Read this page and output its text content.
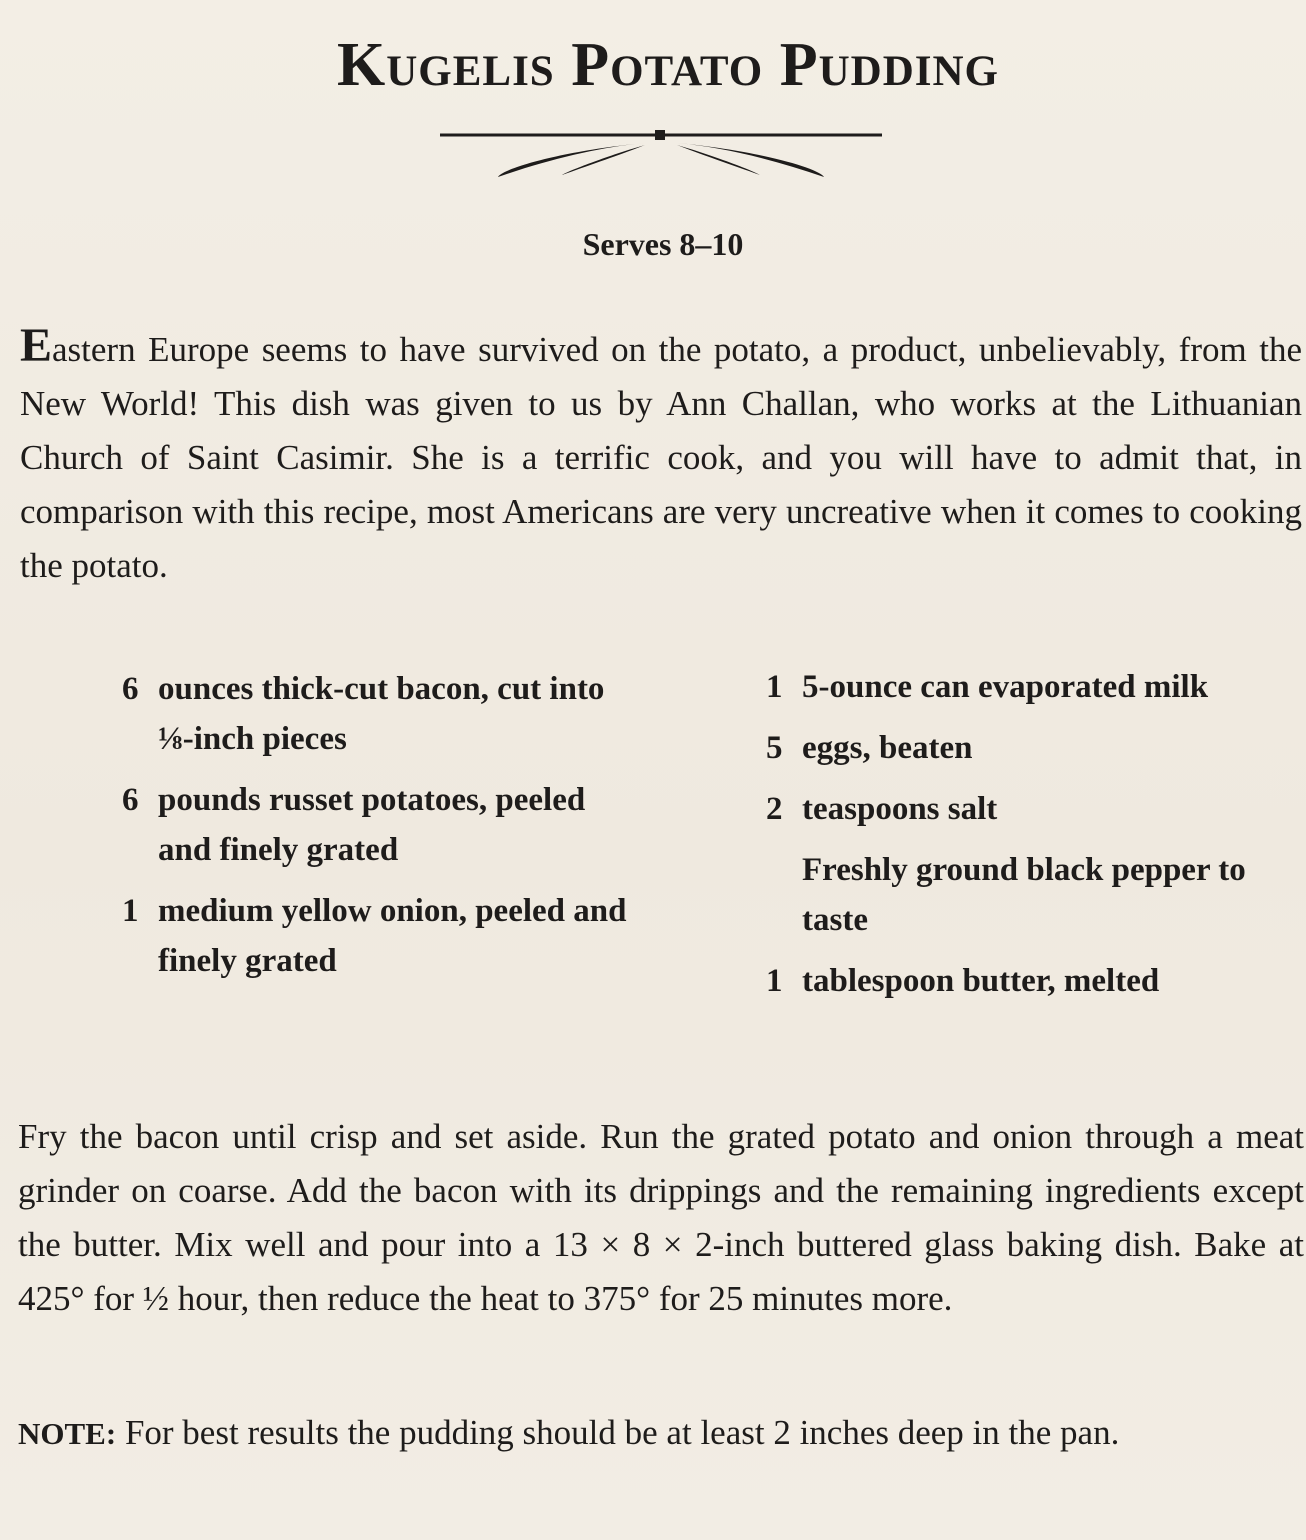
Kugelis Potato Pudding
Serves 8–10
Eastern Europe seems to have survived on the potato, a product, unbelievably, from the New World! This dish was given to us by Ann Challan, who works at the Lithuanian Church of Saint Casimir. She is a terrific cook, and you will have to admit that, in comparison with this recipe, most Americans are very uncreative when it comes to cooking the potato.
6 ounces thick-cut bacon, cut into ⅛-inch pieces
6 pounds russet potatoes, peeled and finely grated
1 medium yellow onion, peeled and finely grated
1 5-ounce can evaporated milk
5 eggs, beaten
2 teaspoons salt
Freshly ground black pepper to taste
1 tablespoon butter, melted
Fry the bacon until crisp and set aside. Run the grated potato and onion through a meat grinder on coarse. Add the bacon with its drippings and the remaining ingredients except the butter. Mix well and pour into a 13 × 8 × 2-inch buttered glass baking dish. Bake at 425° for ½ hour, then reduce the heat to 375° for 25 minutes more.
NOTE: For best results the pudding should be at least 2 inches deep in the pan.
